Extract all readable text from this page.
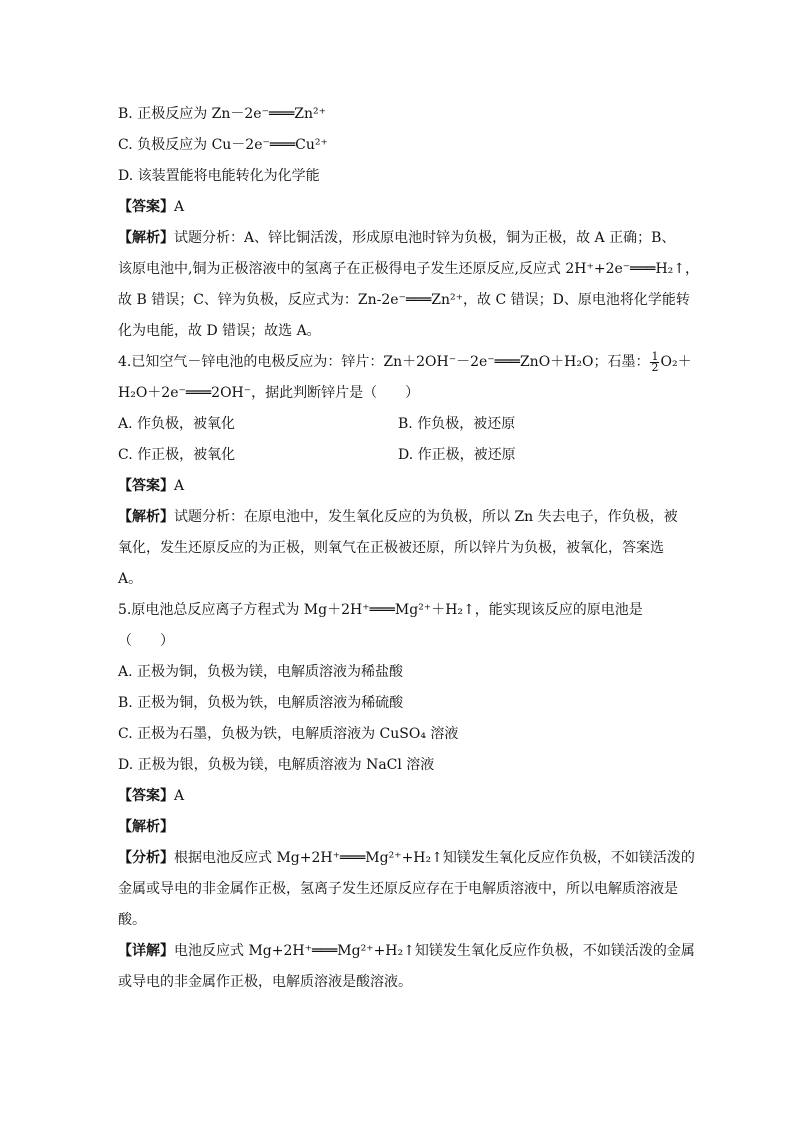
B. 正极反应为 Zn－2e⁻═══Zn²⁺
C. 负极反应为 Cu－2e⁻═══Cu²⁺
D. 该装置能将电能转化为化学能
【答案】A
【解析】试题分析：A、锌比铜活泼，形成原电池时锌为负极，铜为正极，故 A 正确；B、
该原电池中,铜为正极溶液中的氢离子在正极得电子发生还原反应,反应式 2H⁺+2e⁻═══H₂↑，
故 B 错误；C、锌为负极，反应式为：Zn-2e⁻═══Zn²⁺，故 C 错误；D、原电池将化学能转
化为电能，故 D 错误；故选 A。
4.已知空气－锌电池的电极反应为：锌片：Zn＋2OH⁻－2e⁻═══ZnO＋H₂O；石墨： $\frac{1}{2} O_2+$
H₂O＋2e⁻═══2OH⁻，据此判断锌片是（　　）
A. 作负极，被氧化	B. 作负极，被还原
C. 作正极，被氧化	D. 作正极，被还原
【答案】A
【解析】试题分析：在原电池中，发生氧化反应的为负极，所以 Zn 失去电子，作负极，被
氧化，发生还原反应的为正极，则氧气在正极被还原，所以锌片为负极，被氧化，答案选
A。
5.原电池总反应离子方程式为 Mg＋2H⁺═══Mg²⁺＋H₂↑，能实现该反应的原电池是
（　　）
A. 正极为铜，负极为镁，电解质溶液为稀盐酸
B. 正极为铜，负极为铁，电解质溶液为稀硫酸
C. 正极为石墨，负极为铁，电解质溶液为 CuSO₄ 溶液
D. 正极为银，负极为镁，电解质溶液为 NaCl 溶液
【答案】A
【解析】
【分析】根据电池反应式 Mg+2H⁺═══Mg²⁺+H₂↑知镁发生氧化反应作负极，不如镁活泼的
金属或导电的非金属作正极，氢离子发生还原反应存在于电解质溶液中，所以电解质溶液是
酸。
【详解】电池反应式 Mg+2H⁺═══Mg²⁺+H₂↑知镁发生氧化反应作负极，不如镁活泼的金属
或导电的非金属作正极，电解质溶液是酸溶液。
